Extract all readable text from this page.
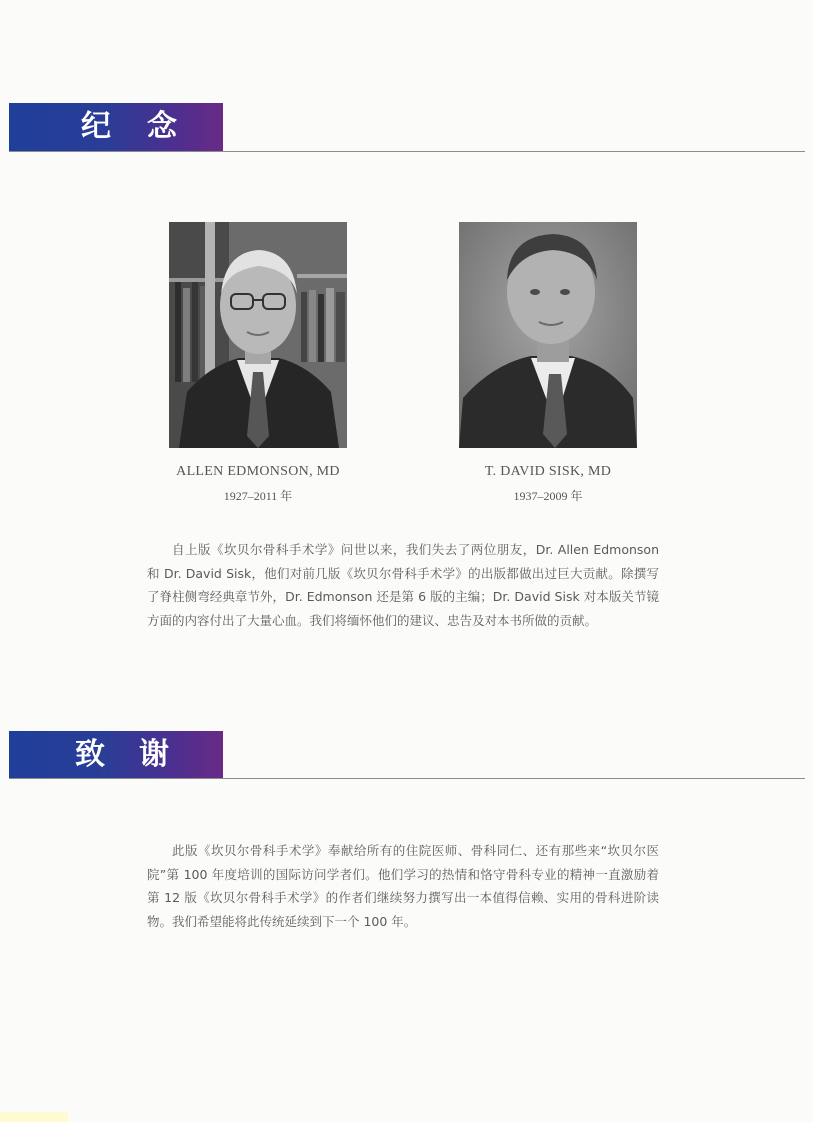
纪 念
ALLEN EDMONSON, MD
1927–2011 年
T. DAVID SISK, MD
1937–2009 年

自上版《坎贝尔骨科手术学》问世以来，我们失去了两位朋友，Dr. Allen Edmonson 和 Dr. David Sisk，他们对前几版《坎贝尔骨科手术学》的出版都做出过巨大贡献。除撰写了脊柱侧弯经典章节外，Dr. Edmonson 还是第 6 版的主编；Dr. David Sisk 对本版关节镜方面的内容付出了大量心血。我们将缅怀他们的建议、忠告及对本书所做的贡献。

致 谢

此版《坎贝尔骨科手术学》奉献给所有的住院医师、骨科同仁、还有那些来“坎贝尔医院”第 100 年度培训的国际访问学者们。他们学习的热情和恪守骨科专业的精神一直激励着第 12 版《坎贝尔骨科手术学》的作者们继续努力撰写出一本值得信赖、实用的骨科进阶读物。我们希望能将此传统延续到下一个 100 年。
